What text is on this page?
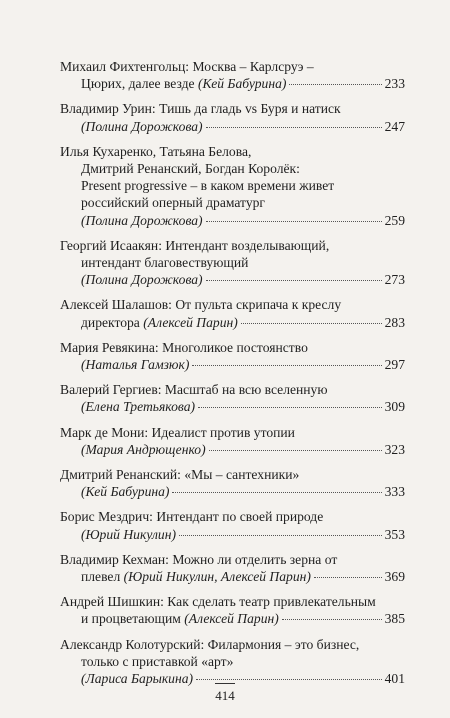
Михаил Фихтенгольц: Москва – Карлсруэ –
Цюрих, далее везде (Кей Бабурина)	233
Владимир Урин: Тишь да гладь vs Буря и натиск
(Полина Дорожкова)	247
Илья Кухаренко, Татьяна Белова,
Дмитрий Ренанский, Богдан Королёк:
Present progressive – в каком времени живет
российский оперный драматург
(Полина Дорожкова)	259
Георгий Исаакян: Интендант возделывающий,
интендант благовествующий
(Полина Дорожкова)	273
Алексей Шалашов: От пульта скрипача к креслу
директора (Алексей Парин)	283
Мария Ревякина: Многоликое постоянство
(Наталья Гамзюк)	297
Валерий Гергиев: Масштаб на всю вселенную
(Елена Третьякова)	309
Марк де Мони: Идеалист против утопии
(Мария Андрющенко)	323
Дмитрий Ренанский: «Мы – сантехники»
(Кей Бабурина)	333
Борис Мездрич: Интендант по своей природе
(Юрий Никулин)	353
Владимир Кехман: Можно ли отделить зерна от
плевел (Юрий Никулин, Алексей Парин)	369
Андрей Шишкин: Как сделать театр привлекательным
и процветающим (Алексей Парин)	385
Александр Колотурский: Филармония – это бизнес,
только с приставкой «арт»
(Лариса Барыкина)	401
414
